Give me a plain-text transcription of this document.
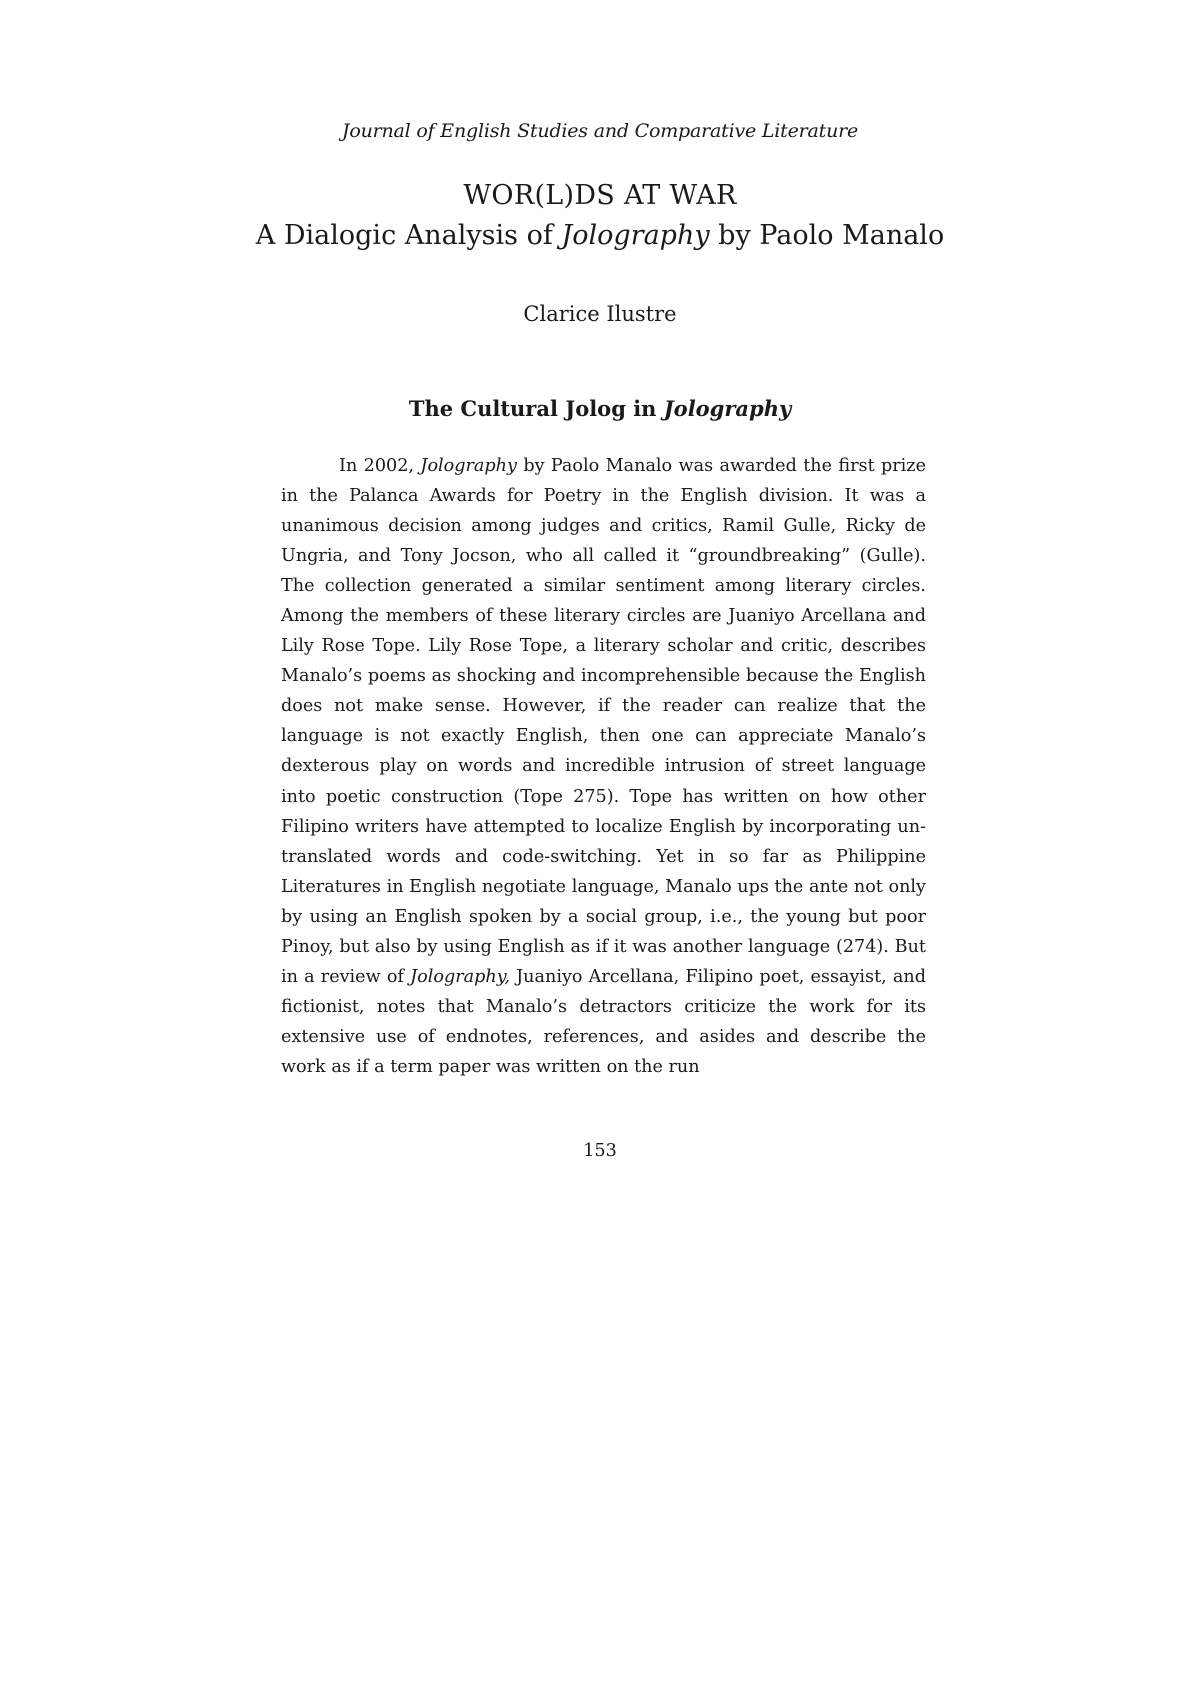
Journal of English Studies and Comparative Literature
WOR(L)DS AT WAR
A Dialogic Analysis of Jolography by Paolo Manalo
Clarice Ilustre
The Cultural Jolog in Jolography

In 2002, Jolography by Paolo Manalo was awarded the first prize in the Palanca Awards for Poetry in the English division. It was a unanimous decision among judges and critics, Ramil Gulle, Ricky de Ungria, and Tony Jocson, who all called it “groundbreaking” (Gulle). The collection generated a similar sentiment among literary circles. Among the members of these literary circles are Juaniyo Arcellana and Lily Rose Tope. Lily Rose Tope, a literary scholar and critic, describes Manalo’s poems as shocking and incomprehensible because the English does not make sense. However, if the reader can realize that the language is not exactly English, then one can appreciate Manalo’s dexterous play on words and incredible intrusion of street language into poetic construction (Tope 275). Tope has written on how other Filipino writers have attempted to localize English by incorporating un-translated words and code-switching. Yet in so far as Philippine Literatures in English negotiate language, Manalo ups the ante not only by using an English spoken by a social group, i.e., the young but poor Pinoy, but also by using English as if it was another language (274). But in a review of Jolography, Juaniyo Arcellana, Filipino poet, essayist, and fictionist, notes that Manalo’s detractors criticize the work for its extensive use of endnotes, references, and asides and describe the work as if a term paper was written on the run

153
